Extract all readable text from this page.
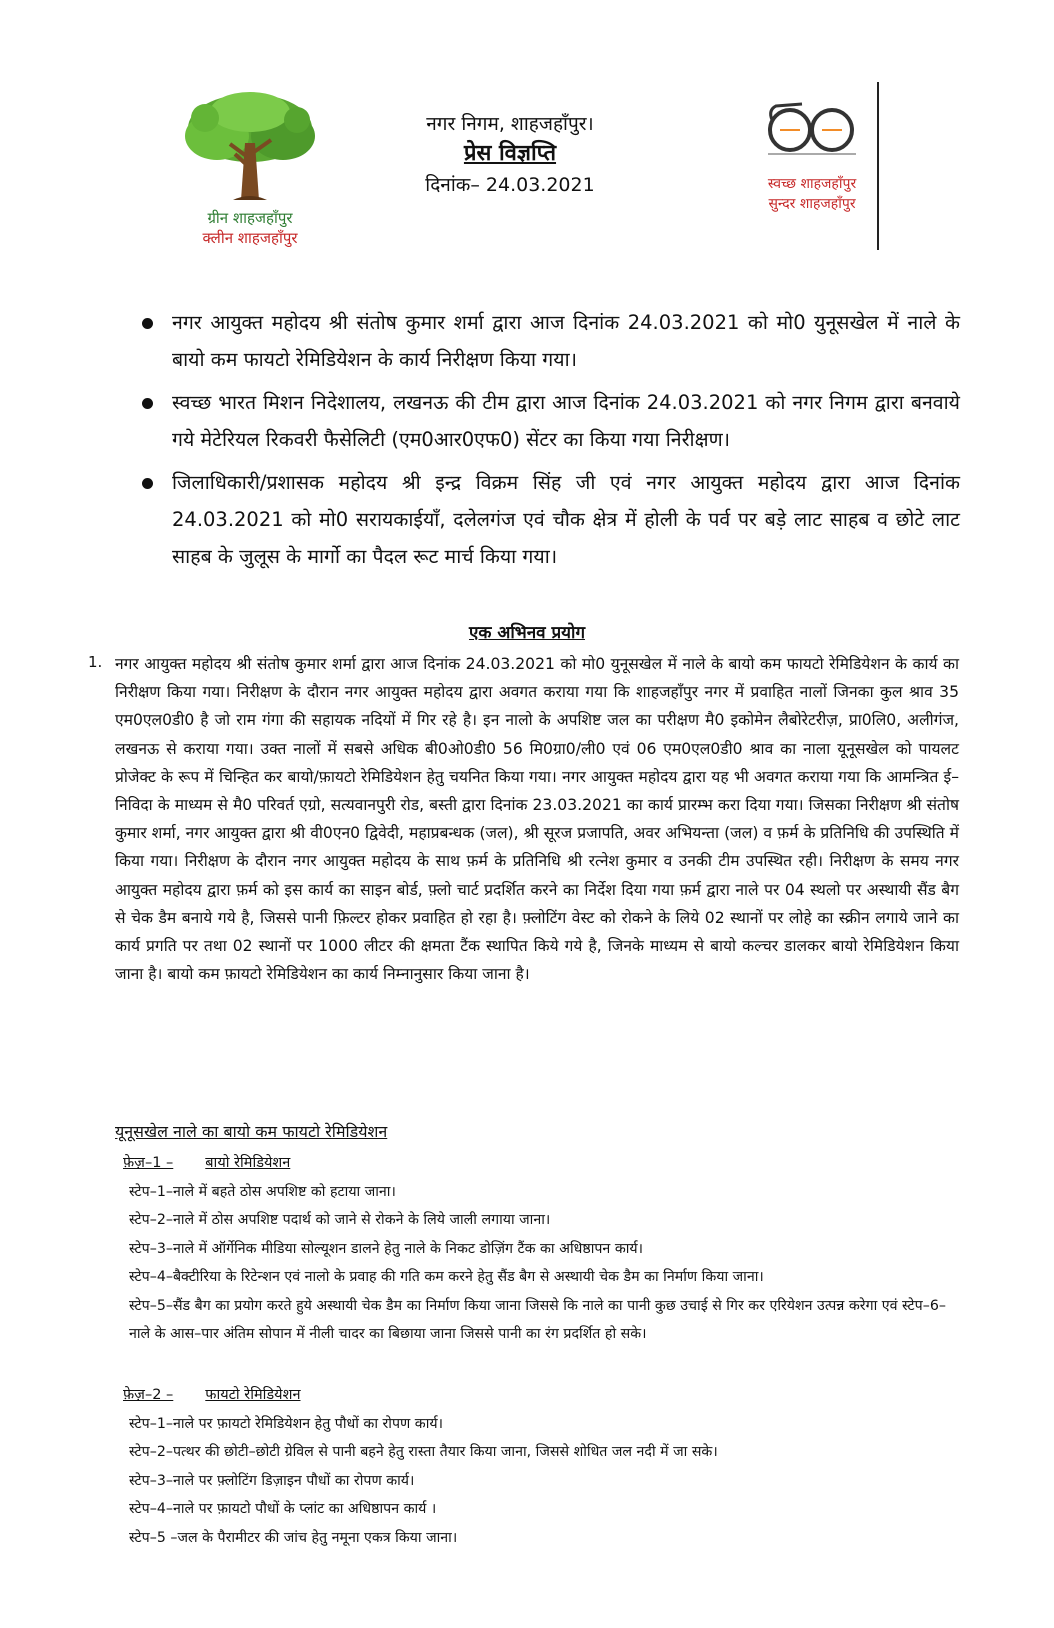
ग्रीन शाहजहाँपुर
क्लीन शाहजहाँपुर
नगर निगम, शाहजहाँपुर।
प्रेस विज्ञप्ति
दिनांक– 24.03.2021	स्वच्छ शाहजहाँपुर
सुन्दर शाहजहाँपुर
नगर आयुक्त महोदय श्री संतोष कुमार शर्मा द्वारा आज दिनांक 24.03.2021 को मो0 युनूसखेल में नाले के बायो कम फायटो रेमिडियेशन के कार्य निरीक्षण किया गया।
स्वच्छ भारत मिशन निदेशालय, लखनऊ की टीम द्वारा आज दिनांक 24.03.2021 को नगर निगम द्वारा बनवाये गये मेटेरियल रिकवरी फैसेलिटी (एम0आर0एफ0) सेंटर का किया गया निरीक्षण।
जिलाधिकारी/प्रशासक महोदय श्री इन्द्र विक्रम सिंह जी एवं नगर आयुक्त महोदय द्वारा आज दिनांक 24.03.2021 को मो0 सरायकाईयाँ, दलेलगंज एवं चौक क्षेत्र में होली के पर्व पर बड़े लाट साहब व छोटे लाट साहब के जुलूस के मार्गो का पैदल रूट मार्च किया गया।
एक अभिनव प्रयोग
1. नगर आयुक्त महोदय श्री संतोष कुमार शर्मा द्वारा आज दिनांक 24.03.2021 को मो0 युनूसखेल में नाले के बायो कम फायटो रेमिडियेशन के कार्य का निरीक्षण किया गया। निरीक्षण के दौरान नगर आयुक्त महोदय द्वारा अवगत कराया गया कि शाहजहाँपुर नगर में प्रवाहित नालों जिनका कुल श्राव 35 एम0एल0डी0 है जो राम गंगा की सहायक नदियों में गिर रहे है। इन नालो के अपशिष्ट जल का परीक्षण मै0 इकोमेन लैबोरेटरीज़, प्रा0लि0, अलीगंज, लखनऊ से कराया गया। उक्त नालों में सबसे अधिक बी0ओ0डी0 56 मि0ग्रा0/ली0 एवं 06 एम0एल0डी0 श्राव का नाला यूनूसखेल को पायलट प्रोजेक्ट के रूप में चिन्हित कर बायो/फ़ायटो रेमिडियेशन हेतु चयनित किया गया। नगर आयुक्त महोदय द्वारा यह भी अवगत कराया गया कि आमन्त्रित ई–निविदा के माध्यम से मै0 परिवर्त एग्रो, सत्यवानपुरी रोड, बस्ती द्वारा दिनांक 23.03.2021 का कार्य प्रारम्भ करा दिया गया। जिसका निरीक्षण श्री संतोष कुमार शर्मा, नगर आयुक्त द्वारा श्री वी0एन0 द्विवेदी, महाप्रबन्धक (जल), श्री सूरज प्रजापति, अवर अभियन्ता (जल) व फ़र्म के प्रतिनिधि की उपस्थिति में किया गया। निरीक्षण के दौरान नगर आयुक्त महोदय के साथ फ़र्म के प्रतिनिधि श्री रत्नेश कुमार व उनकी टीम उपस्थित रही। निरीक्षण के समय नगर आयुक्त महोदय द्वारा फ़र्म को इस कार्य का साइन बोर्ड, फ़्लो चार्ट प्रदर्शित करने का निर्देश दिया गया फ़र्म द्वारा नाले पर 04 स्थलो पर अस्थायी सैंड बैग से चेक डैम बनाये गये है, जिससे पानी फ़िल्टर होकर प्रवाहित हो रहा है। फ़्लोटिंग वेस्ट को रोकने के लिये 02 स्थानों पर लोहे का स्क्रीन लगाये जाने का कार्य प्रगति पर तथा 02 स्थानों पर 1000 लीटर की क्षमता टैंक स्थापित किये गये है, जिनके माध्यम से बायो कल्चर डालकर बायो रेमिडियेशन किया जाना है। बायो कम फ़ायटो रेमिडियेशन का कार्य निम्नानुसार किया जाना है।

यूनूसखेल नाले का बायो कम फायटो रेमिडियेशन
फ़ेज़–1 – बायो रेमिडियेशन
स्टेप–1–नाले में बहते ठोस अपशिष्ट को हटाया जाना।
स्टेप–2–नाले में ठोस अपशिष्ट पदार्थ को जाने से रोकने के लिये जाली लगाया जाना।
स्टेप–3–नाले में ऑर्गेनिक मीडिया सोल्यूशन डालने हेतु नाले के निकट डोज़िंग टैंक का अधिष्ठापन कार्य।
स्टेप–4–बैक्टीरिया के रिटेन्शन एवं नालो के प्रवाह की गति कम करने हेतु सैंड बैग से अस्थायी चेक डैम का निर्माण किया जाना।
स्टेप–5–सैंड बैग का प्रयोग करते हुये अस्थायी चेक डैम का निर्माण किया जाना जिससे कि नाले का पानी कुछ उचाई से गिर कर एरियेशन उत्पन्न करेगा एवं स्टेप–6– नाले के आस–पार अंतिम सोपान में नीली चादर का बिछाया जाना जिससे पानी का रंग प्रदर्शित हो सके।
फ़ेज़–2 – फायटो रेमिडियेशन
स्टेप–1–नाले पर फ़ायटो रेमिडियेशन हेतु पौधों का रोपण कार्य।
स्टेप–2–पत्थर की छोटी–छोटी ग्रेविल से पानी बहने हेतु रास्ता तैयार किया जाना, जिससे शोधित जल नदी में जा सके।
स्टेप–3–नाले पर फ़्लोटिंग डिज़ाइन पौधों का रोपण कार्य।
स्टेप–4–नाले पर फ़ायटो पौधों के प्लांट का अधिष्ठापन कार्य ।
स्टेप–5 –जल के पैरामीटर की जांच हेतु नमूना एकत्र किया जाना।
